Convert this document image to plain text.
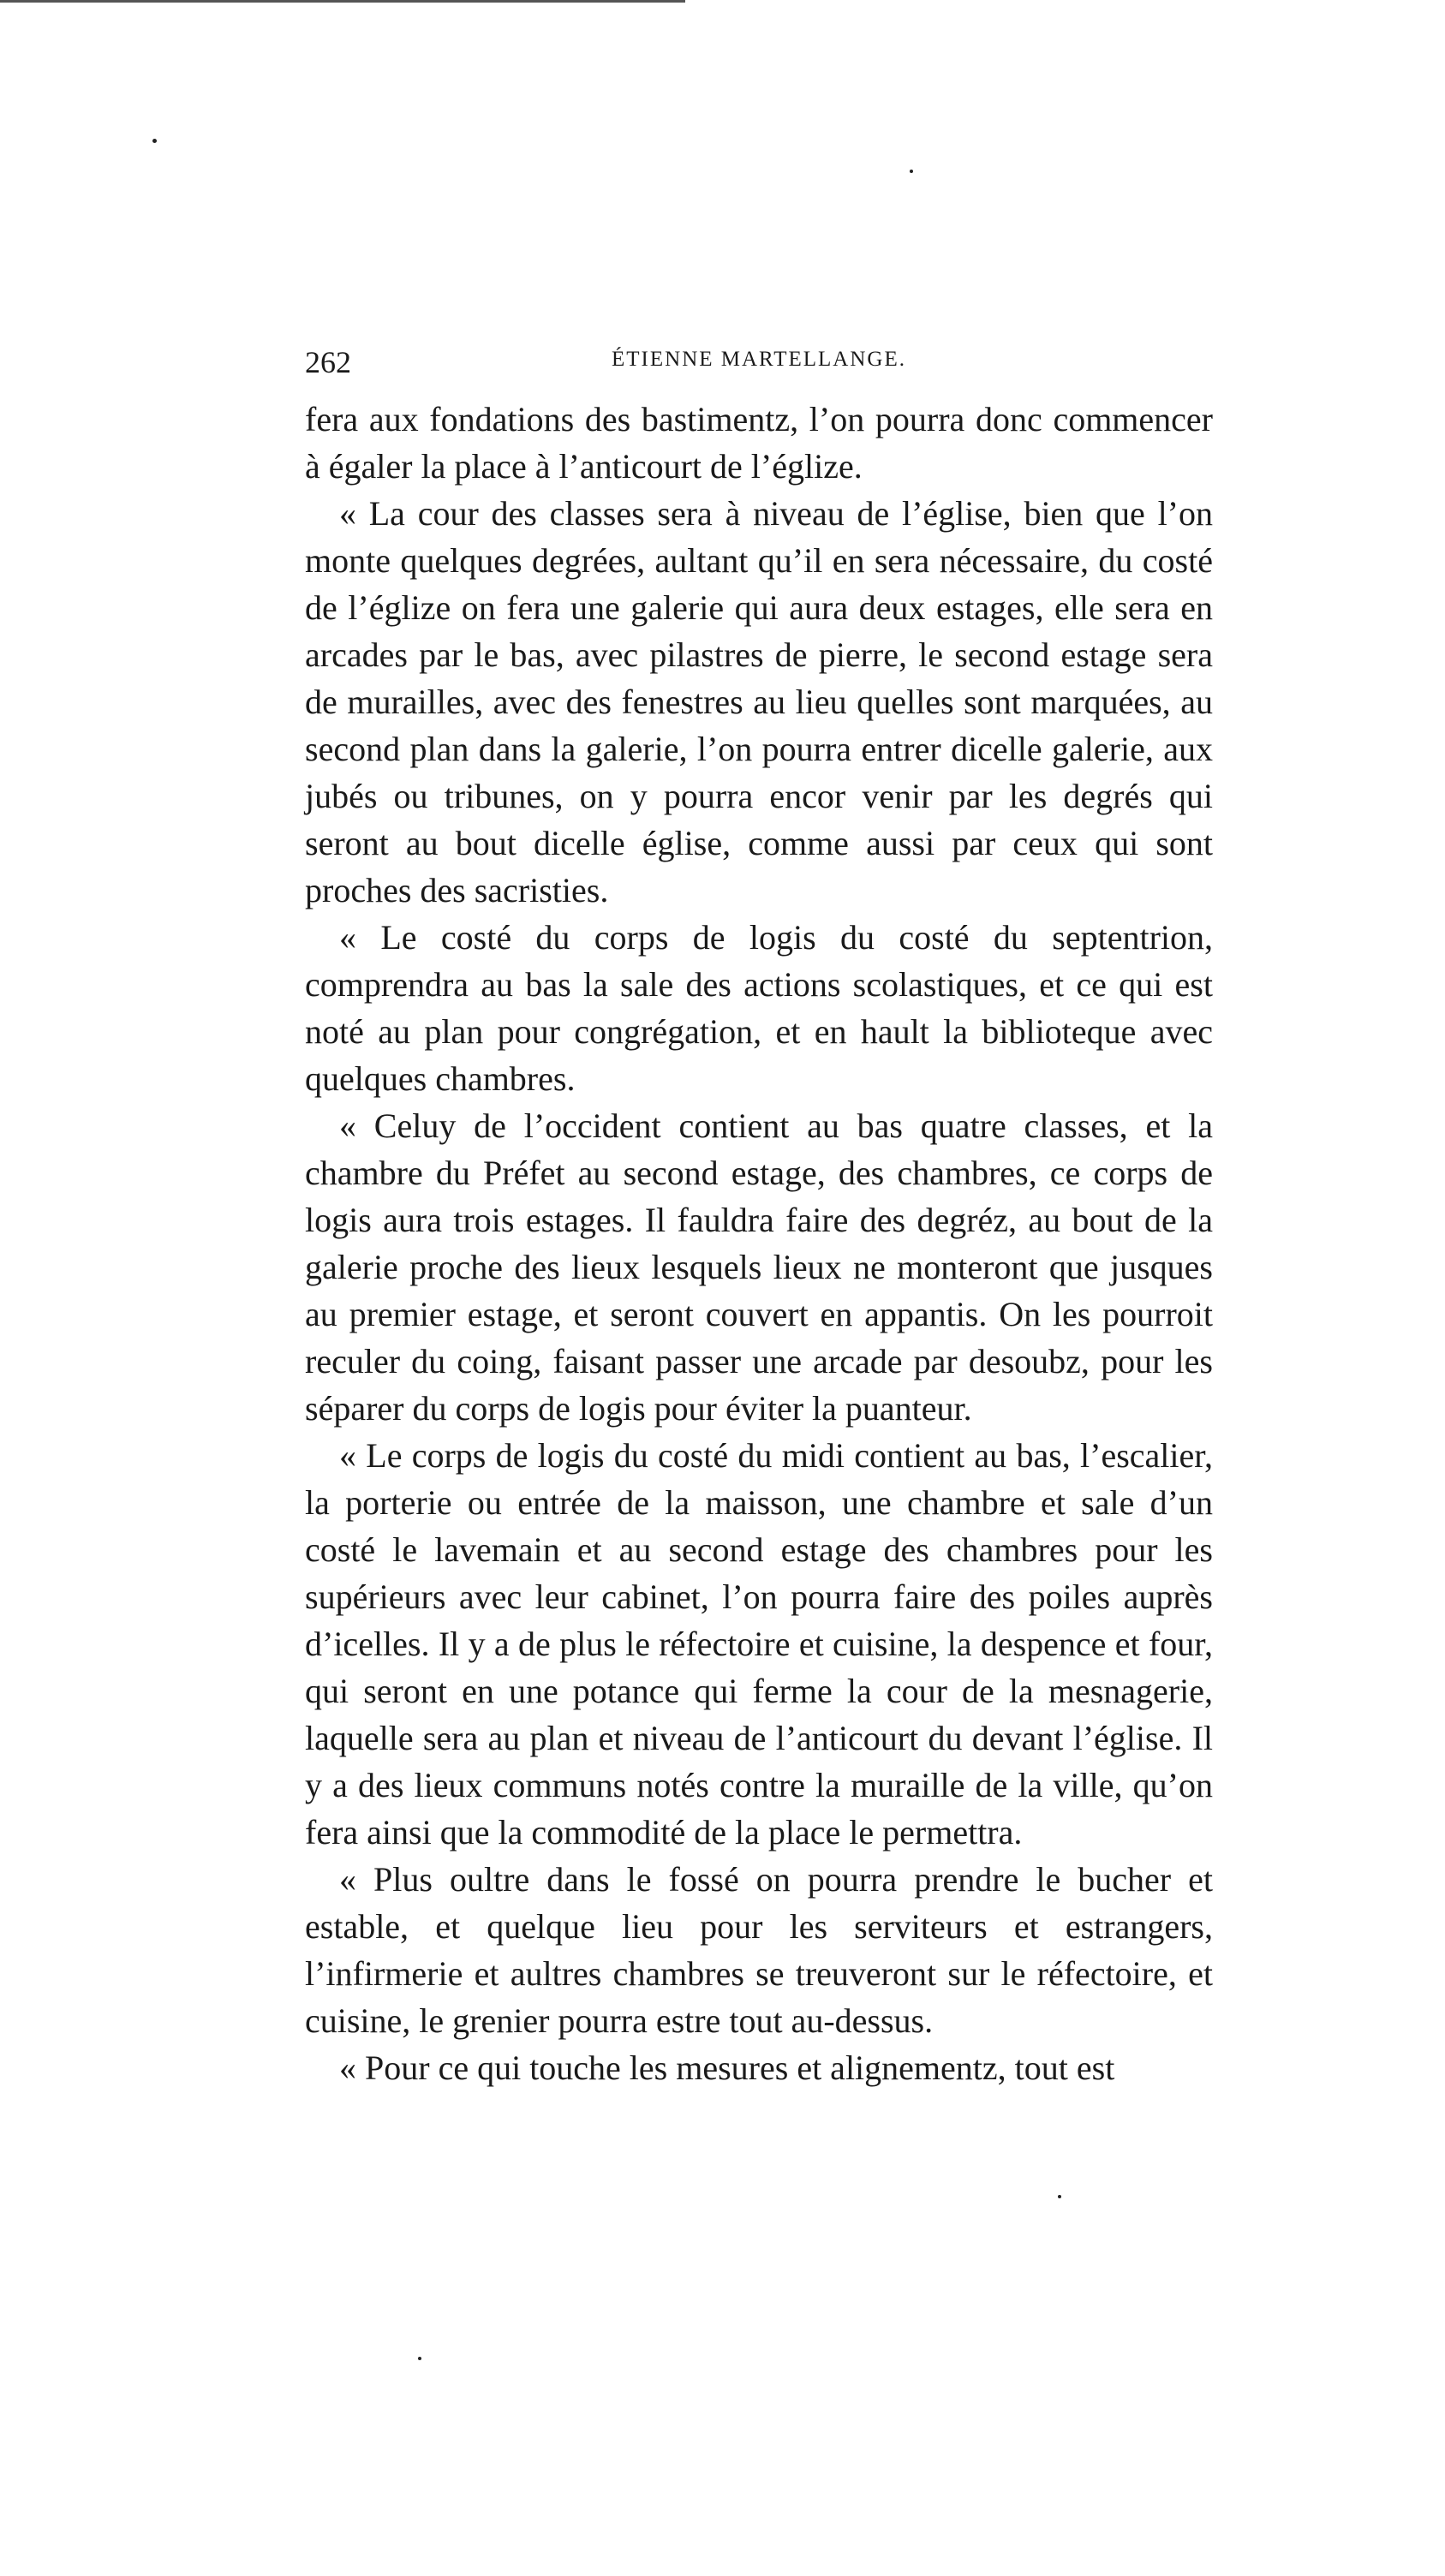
262	ÉTIENNE MARTELLANGE.

fera aux fondations des bastimentz, l’on pourra donc commencer à égaler la place à l’anticourt de l’églize.

« La cour des classes sera à niveau de l’église, bien que l’on monte quelques degrées, aultant qu’il en sera nécessaire, du costé de l’églize on fera une galerie qui aura deux estages, elle sera en arcades par le bas, avec pilastres de pierre, le second estage sera de murailles, avec des fenestres au lieu quelles sont marquées, au second plan dans la galerie, l’on pourra entrer dicelle galerie, aux jubés ou tribunes, on y pourra encor venir par les degrés qui seront au bout dicelle église, comme aussi par ceux qui sont proches des sacristies.

« Le costé du corps de logis du costé du septentrion, comprendra au bas la sale des actions scolastiques, et ce qui est noté au plan pour congrégation, et en hault la biblioteque avec quelques chambres.

« Celuy de l’occident contient au bas quatre classes, et la chambre du Préfet au second estage, des chambres, ce corps de logis aura trois estages. Il fauldra faire des degréz, au bout de la galerie proche des lieux lesquels lieux ne monteront que jusques au premier estage, et seront couvert en appantis. On les pourroit reculer du coing, faisant passer une arcade par desoubz, pour les séparer du corps de logis pour éviter la puanteur.

« Le corps de logis du costé du midi contient au bas, l’escalier, la porterie ou entrée de la maisson, une chambre et sale d’un costé le lavemain et au second estage des chambres pour les supérieurs avec leur cabinet, l’on pourra faire des poiles auprès d’icelles. Il y a de plus le réfectoire et cuisine, la despence et four, qui seront en une potance qui ferme la cour de la mesnagerie, laquelle sera au plan et niveau de l’anticourt du devant l’église. Il y a des lieux communs notés contre la muraille de la ville, qu’on fera ainsi que la commodité de la place le permettra.

« Plus oultre dans le fossé on pourra prendre le bucher et estable, et quelque lieu pour les serviteurs et estrangers, l’infirmerie et aultres chambres se treuveront sur le réfectoire, et cuisine, le grenier pourra estre tout au-dessus.

« Pour ce qui touche les mesures et alignementz, tout est
